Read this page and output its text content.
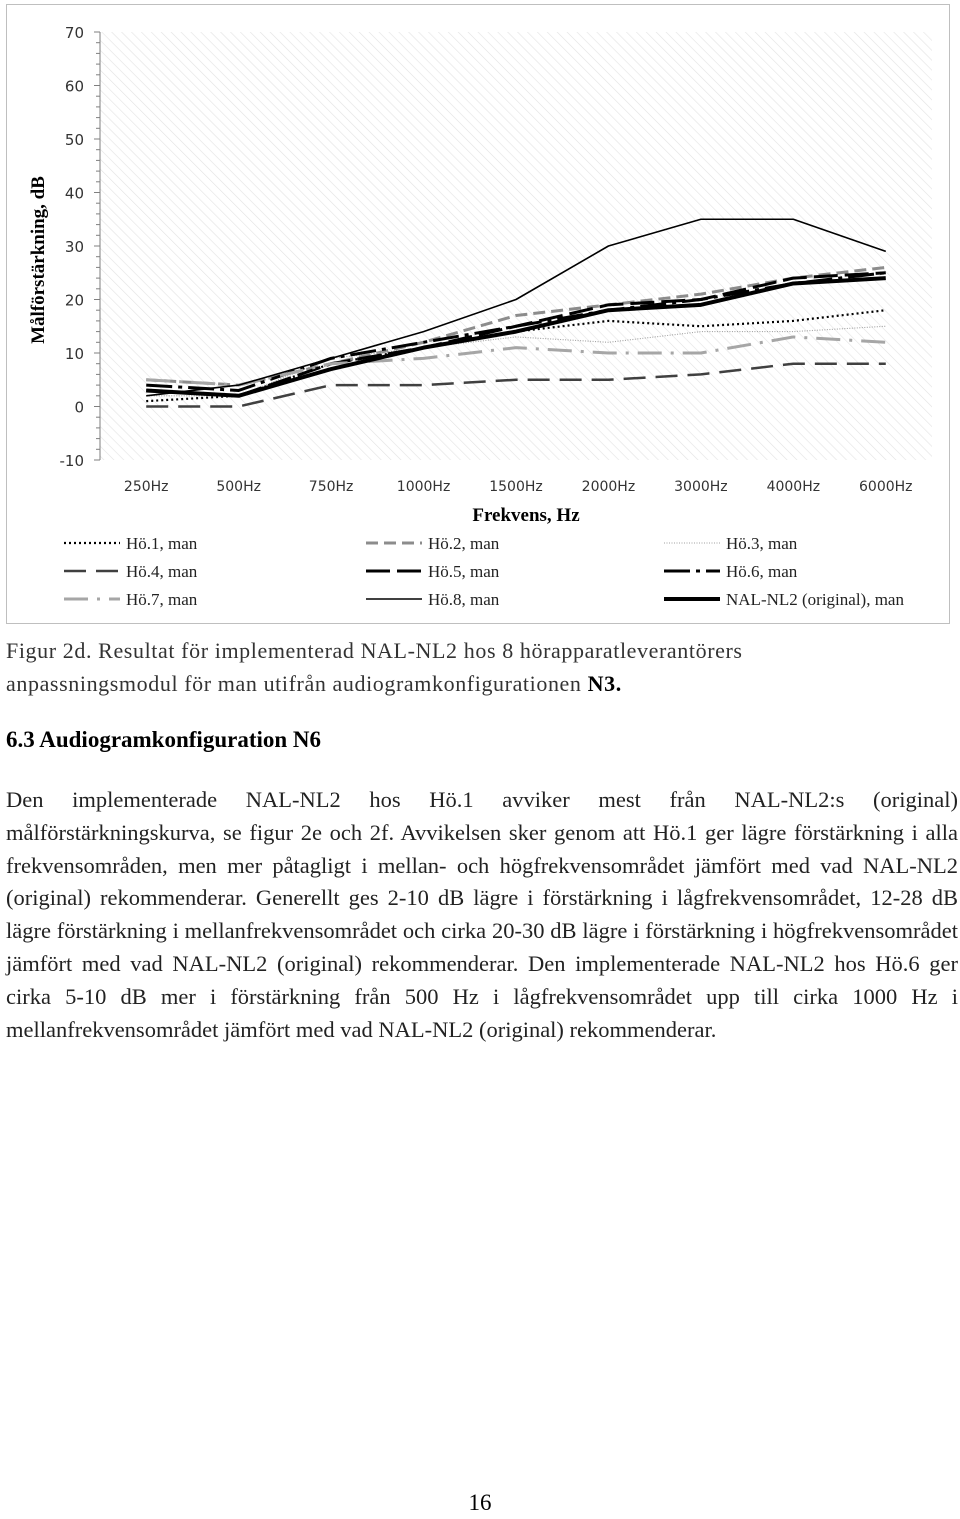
-10
0
10
20
30
40
50
60
70
Målförstärkning, dB
250Hz	500Hz	750Hz	1000Hz	1500Hz	2000Hz	3000Hz	4000Hz	6000Hz
Frekvens, Hz
Hö.1, man	Hö.2, man	Hö.3, man
Hö.4, man	Hö.5, man	Hö.6, man
Hö.7, man	Hö.8, man	NAL-NL2 (original), man
Figur 2d. Resultat för implementerad NAL-NL2 hos 8 hörapparatleverantörers
anpassningsmodul för man utifrån audiogramkonfigurationen N3.
6.3 Audiogramkonfiguration N6

Den implementerade NAL-NL2 hos Hö.1 avviker mest från NAL-NL2:s (original) målförstärkningskurva, se figur 2e och 2f. Avvikelsen sker genom att Hö.1 ger lägre förstärkning i alla frekvensområden, men mer påtagligt i mellan- och högfrekvensområdet jämfört med vad NAL-NL2 (original) rekommenderar. Generellt ges 2-10 dB lägre i förstärkning i lågfrekvensområdet, 12-28 dB lägre förstärkning i mellanfrekvensområdet och cirka 20-30 dB lägre i förstärkning i högfrekvensområdet jämfört med vad NAL-NL2 (original) rekommenderar. Den implementerade NAL-NL2 hos Hö.6 ger cirka 5-10 dB mer i förstärkning från 500 Hz i lågfrekvensområdet upp till cirka 1000 Hz i mellanfrekvensområdet jämfört med vad NAL-NL2 (original) rekommenderar.

16
